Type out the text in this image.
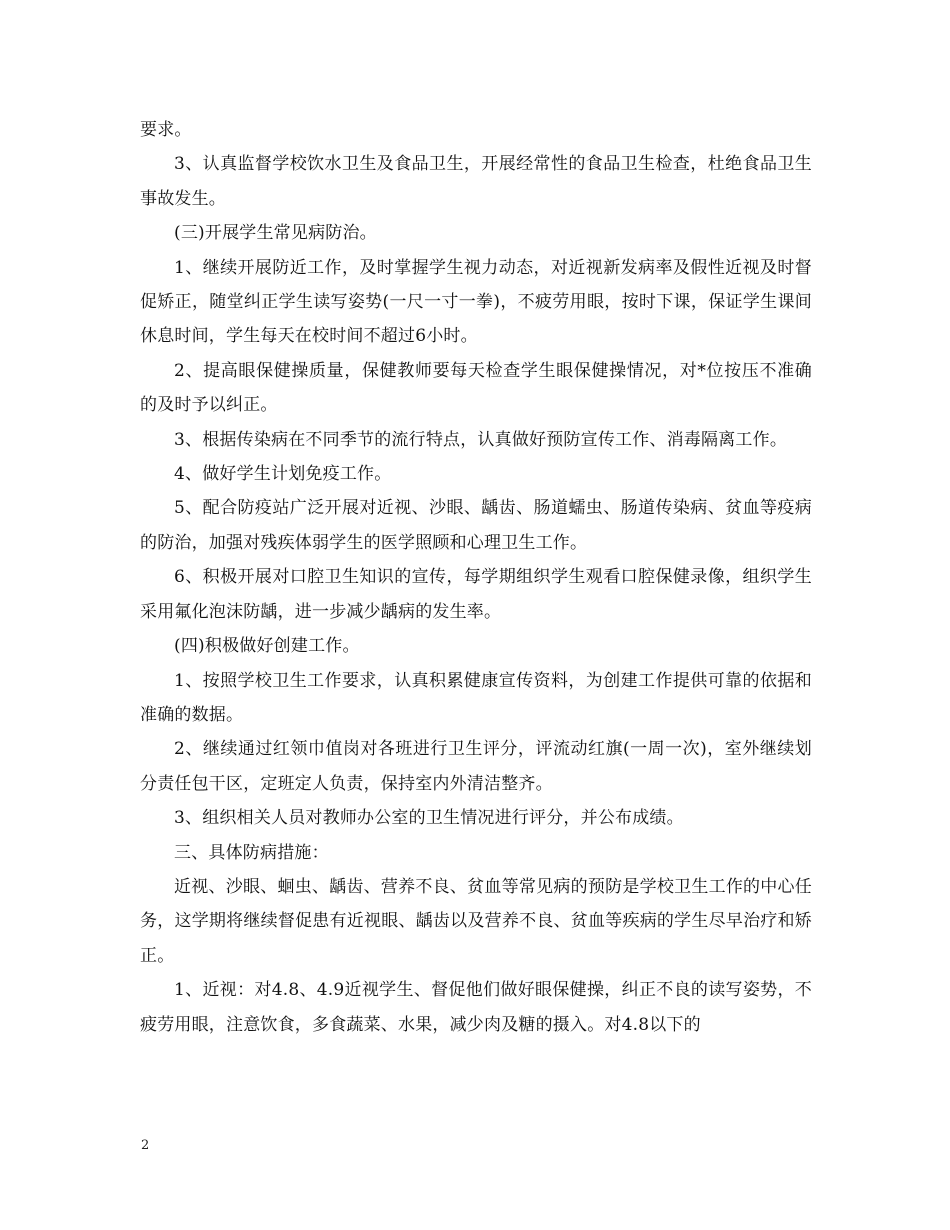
要求。

3、认真监督学校饮水卫生及食品卫生，开展经常性的食品卫生检查，杜绝食品卫生事故发生。

(三)开展学生常见病防治。

1、继续开展防近工作，及时掌握学生视力动态，对近视新发病率及假性近视及时督促矫正，随堂纠正学生读写姿势(一尺一寸一拳)，不疲劳用眼，按时下课，保证学生课间休息时间，学生每天在校时间不超过6小时。

2、提高眼保健操质量，保健教师要每天检查学生眼保健操情况，对*位按压不准确的及时予以纠正。

3、根据传染病在不同季节的流行特点，认真做好预防宣传工作、消毒隔离工作。

4、做好学生计划免疫工作。

5、配合防疫站广泛开展对近视、沙眼、龋齿、肠道蠕虫、肠道传染病、贫血等疫病的防治，加强对残疾体弱学生的医学照顾和心理卫生工作。

6、积极开展对口腔卫生知识的宣传，每学期组织学生观看口腔保健录像，组织学生采用氟化泡沫防龋，进一步减少龋病的发生率。

(四)积极做好创建工作。

1、按照学校卫生工作要求，认真积累健康宣传资料，为创建工作提供可靠的依据和准确的数据。

2、继续通过红领巾值岗对各班进行卫生评分，评流动红旗(一周一次)，室外继续划分责任包干区，定班定人负责，保持室内外清洁整齐。

3、组织相关人员对教师办公室的卫生情况进行评分，并公布成绩。

三、具体防病措施：

近视、沙眼、蛔虫、龋齿、营养不良、贫血等常见病的预防是学校卫生工作的中心任务，这学期将继续督促患有近视眼、龋齿以及营养不良、贫血等疾病的学生尽早治疗和矫正。

1、近视：对4.8、4.9近视学生、督促他们做好眼保健操，纠正不良的读写姿势，不疲劳用眼，注意饮食，多食蔬菜、水果，减少肉及糖的摄入。对4.8以下的

2
